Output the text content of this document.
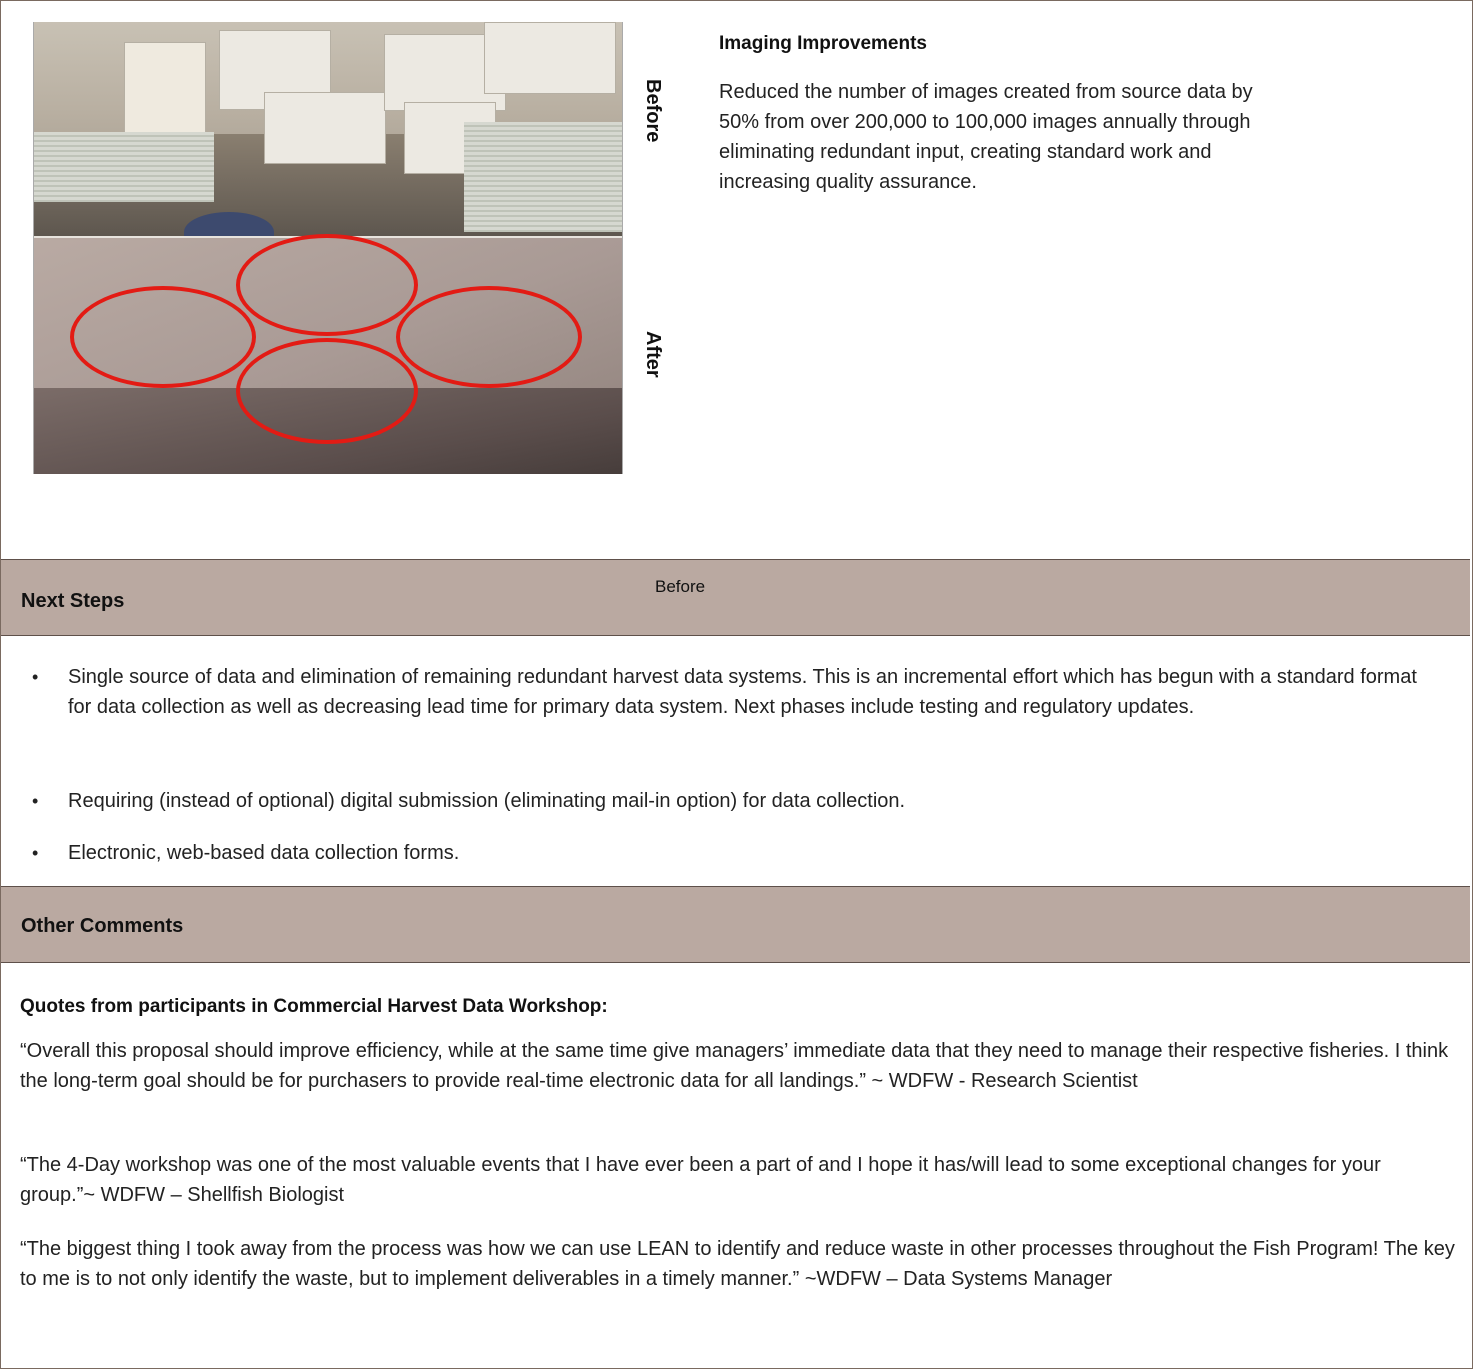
Before
After
Imaging Improvements
Reduced the number of images created from source data by 50% from over 200,000 to 100,000 images annually through eliminating redundant input, creating standard work and increasing quality assurance.
Next Steps
Before
• Single source of data and elimination of remaining redundant harvest data systems. This is an incremental effort which has begun with a standard format for data collection as well as decreasing lead time for primary data system. Next phases include testing and regulatory updates.
• Requiring (instead of optional) digital submission (eliminating mail-in option) for data collection.
• Electronic, web-based data collection forms.
Other Comments
Quotes from participants in Commercial Harvest Data Workshop:
“Overall this proposal should improve efficiency, while at the same time give managers’ immediate data that they need to manage their respective fisheries. I think the long-term goal should be for purchasers to provide real-time electronic data for all landings.” ~ WDFW - Research Scientist
“The 4-Day workshop was one of the most valuable events that I have ever been a part of and I hope it has/will lead to some exceptional changes for your group.”~ WDFW – Shellfish Biologist
“The biggest thing I took away from the process was how we can use LEAN to identify and reduce waste in other processes throughout the Fish Program! The key to me is to not only identify the waste, but to implement deliverables in a timely manner.” ~WDFW – Data Systems Manager
